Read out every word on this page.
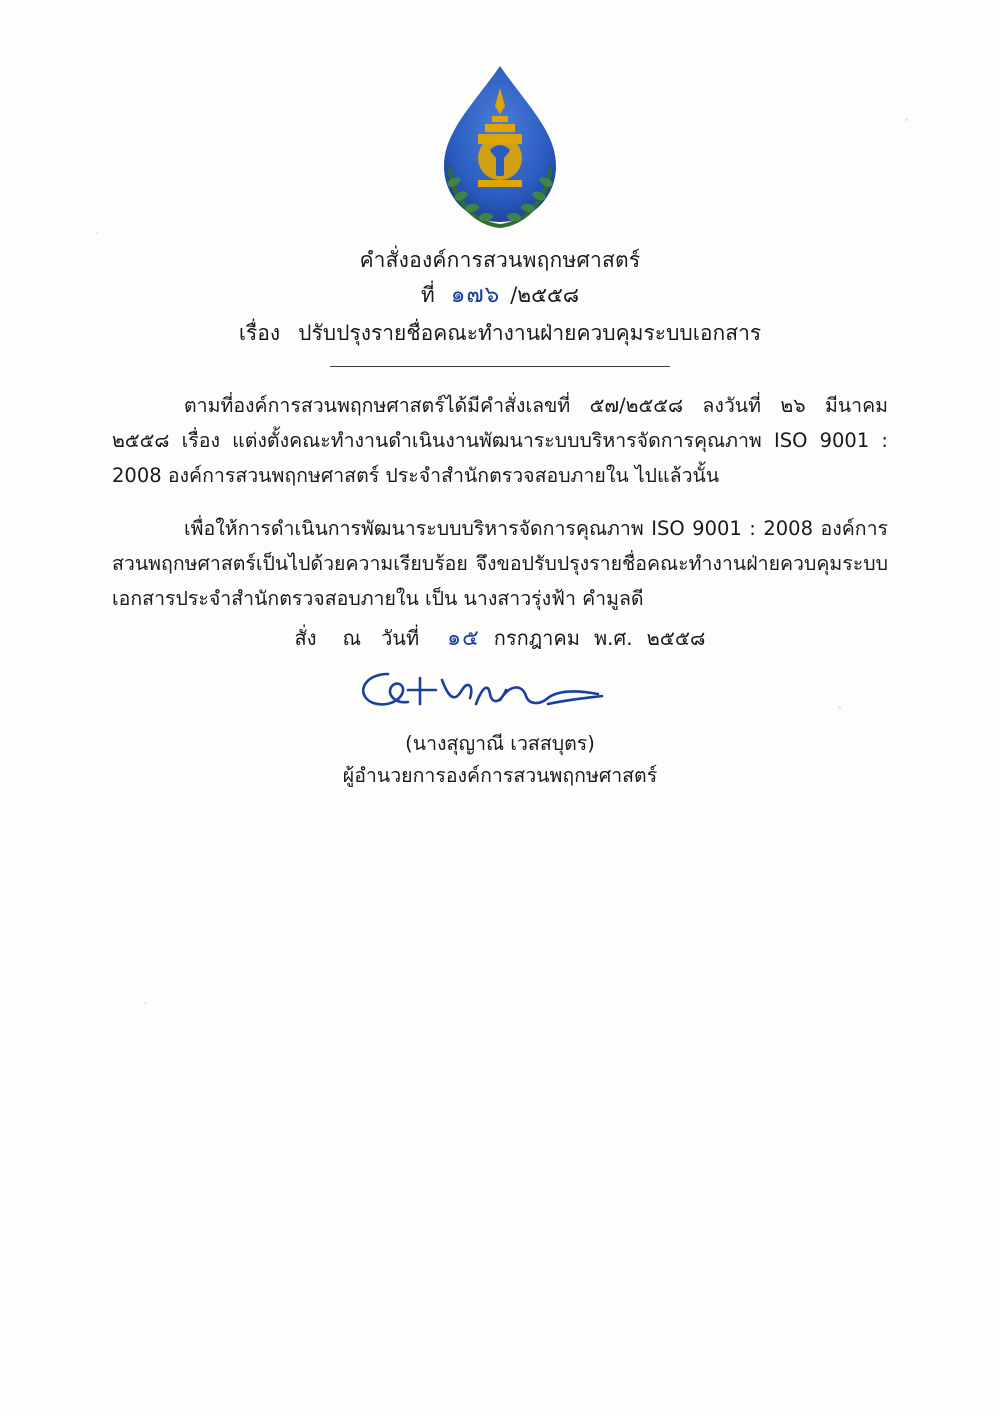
คำสั่งองค์การสวนพฤกษศาสตร์
ที่ ๑๗๖ /๒๕๕๘
เรื่อง ปรับปรุงรายชื่อคณะทำงานฝ่ายควบคุมระบบเอกสาร

ตามที่องค์การสวนพฤกษศาสตร์ได้มีคำสั่งเลขที่ ๕๗/๒๕๕๘ ลงวันที่ ๒๖ มีนาคม ๒๕๕๘ เรื่อง แต่งตั้งคณะทำงานดำเนินงานพัฒนาระบบบริหารจัดการคุณภาพ ISO 9001 : 2008 องค์การสวนพฤกษศาสตร์ ประจำสำนักตรวจสอบภายใน ไปแล้วนั้น

เพื่อให้การดำเนินการพัฒนาระบบบริหารจัดการคุณภาพ ISO 9001 : 2008 องค์การสวนพฤกษศาสตร์เป็นไปด้วยความเรียบร้อย จึงขอปรับปรุงรายชื่อคณะทำงานฝ่ายควบคุมระบบเอกสารประจำสำนักตรวจสอบภายใน เป็น นางสาวรุ่งฟ้า คำมูลดี

สั่ง ณ วันที่ ๑๕ กรกฎาคม พ.ศ. ๒๕๕๘
(นางสุญาณี เวสสบุตร)
ผู้อำนวยการองค์การสวนพฤกษศาสตร์
